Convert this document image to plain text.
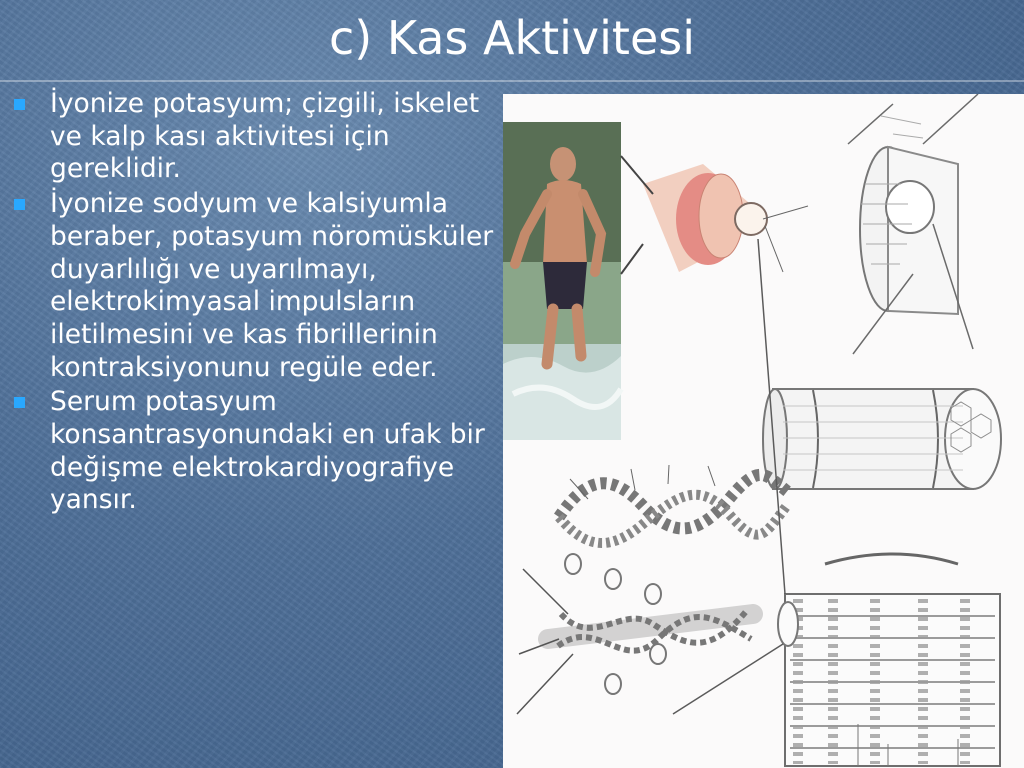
c) Kas Aktivitesi
İyonize potasyum; çizgili, iskelet ve kalp kası aktivitesi için gereklidir.
İyonize sodyum ve kalsiyumla beraber, potasyum nöromüsküler duyarlılığı ve uyarılmayı, elektrokimyasal impulsların iletilmesini ve kas fibrillerinin kontraksiyonunu regüle eder.
Serum potasyum konsantrasyonundaki en ufak bir değişme elektrokardiyografiye yansır.
